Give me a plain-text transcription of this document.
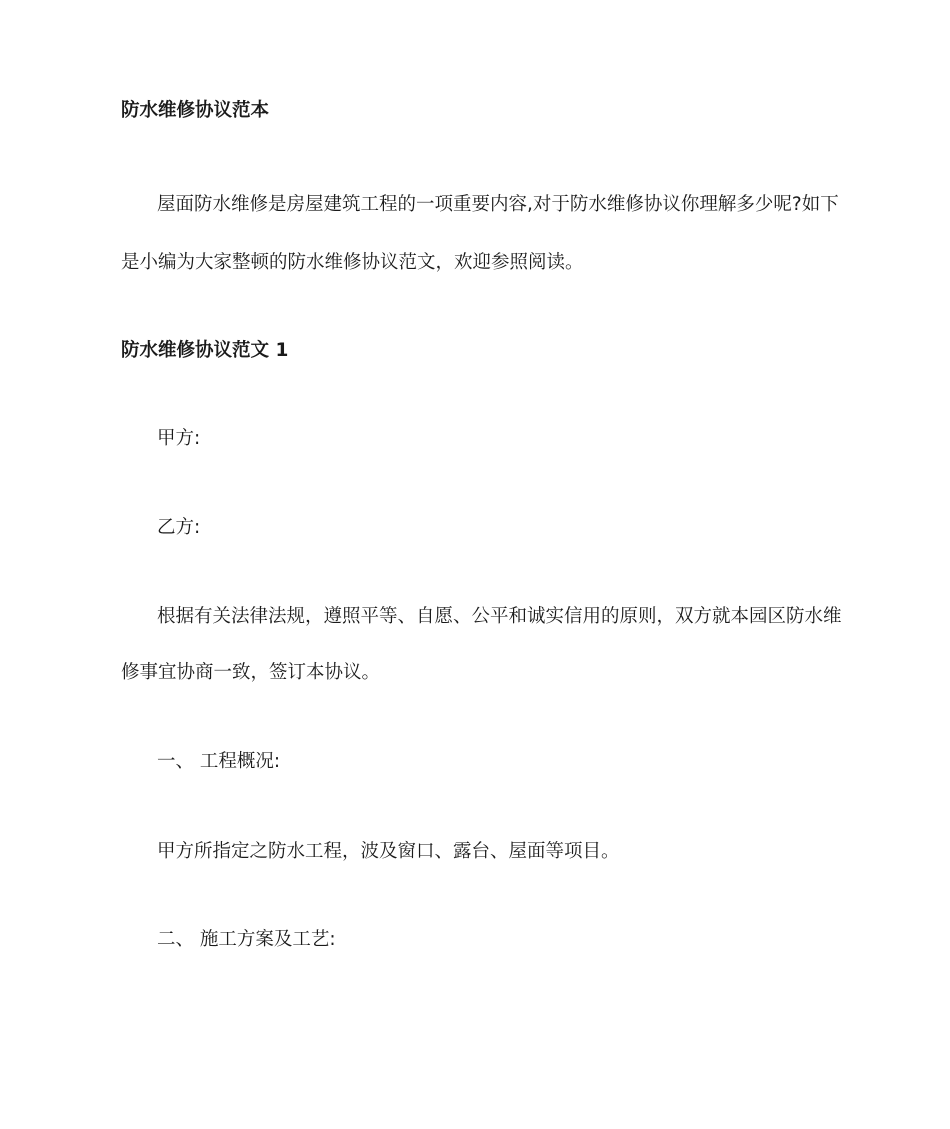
防水维修协议范本
屋面防水维修是房屋建筑工程的一项重要内容,对于防水维修协议你理解多少呢?如下
是小编为大家整顿的防水维修协议范文，欢迎参照阅读。
防水维修协议范文 1
甲方:
乙方:
根据有关法律法规，遵照平等、自愿、公平和诚实信用的原则，双方就本园区防水维
修事宜协商一致，签订本协议。
一、 工程概况:
甲方所指定之防水工程，波及窗口、露台、屋面等项目。
二、 施工方案及工艺:
